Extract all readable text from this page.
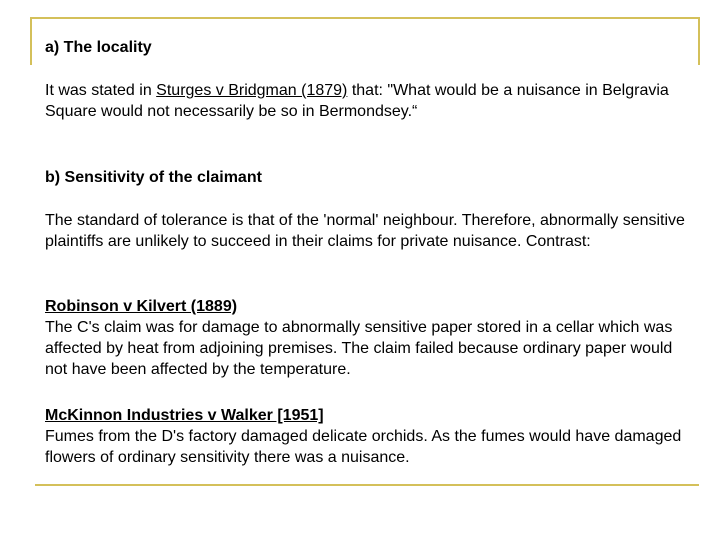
a) The locality

It was stated in Sturges v Bridgman (1879) that: "What would be a nuisance in Belgravia Square would not necessarily be so in Bermondsey.“

b) Sensitivity of the claimant

The standard of tolerance is that of the 'normal' neighbour. Therefore, abnormally sensitive plaintiffs are unlikely to succeed in their claims for private nuisance. Contrast:

Robinson v Kilvert (1889)

The C's claim was for damage to abnormally sensitive paper stored in a cellar which was affected by heat from adjoining premises. The claim failed because ordinary paper would not have been affected by the temperature.

McKinnon Industries v Walker [1951]

Fumes from the D's factory damaged delicate orchids. As the fumes would have damaged flowers of ordinary sensitivity there was a nuisance.
